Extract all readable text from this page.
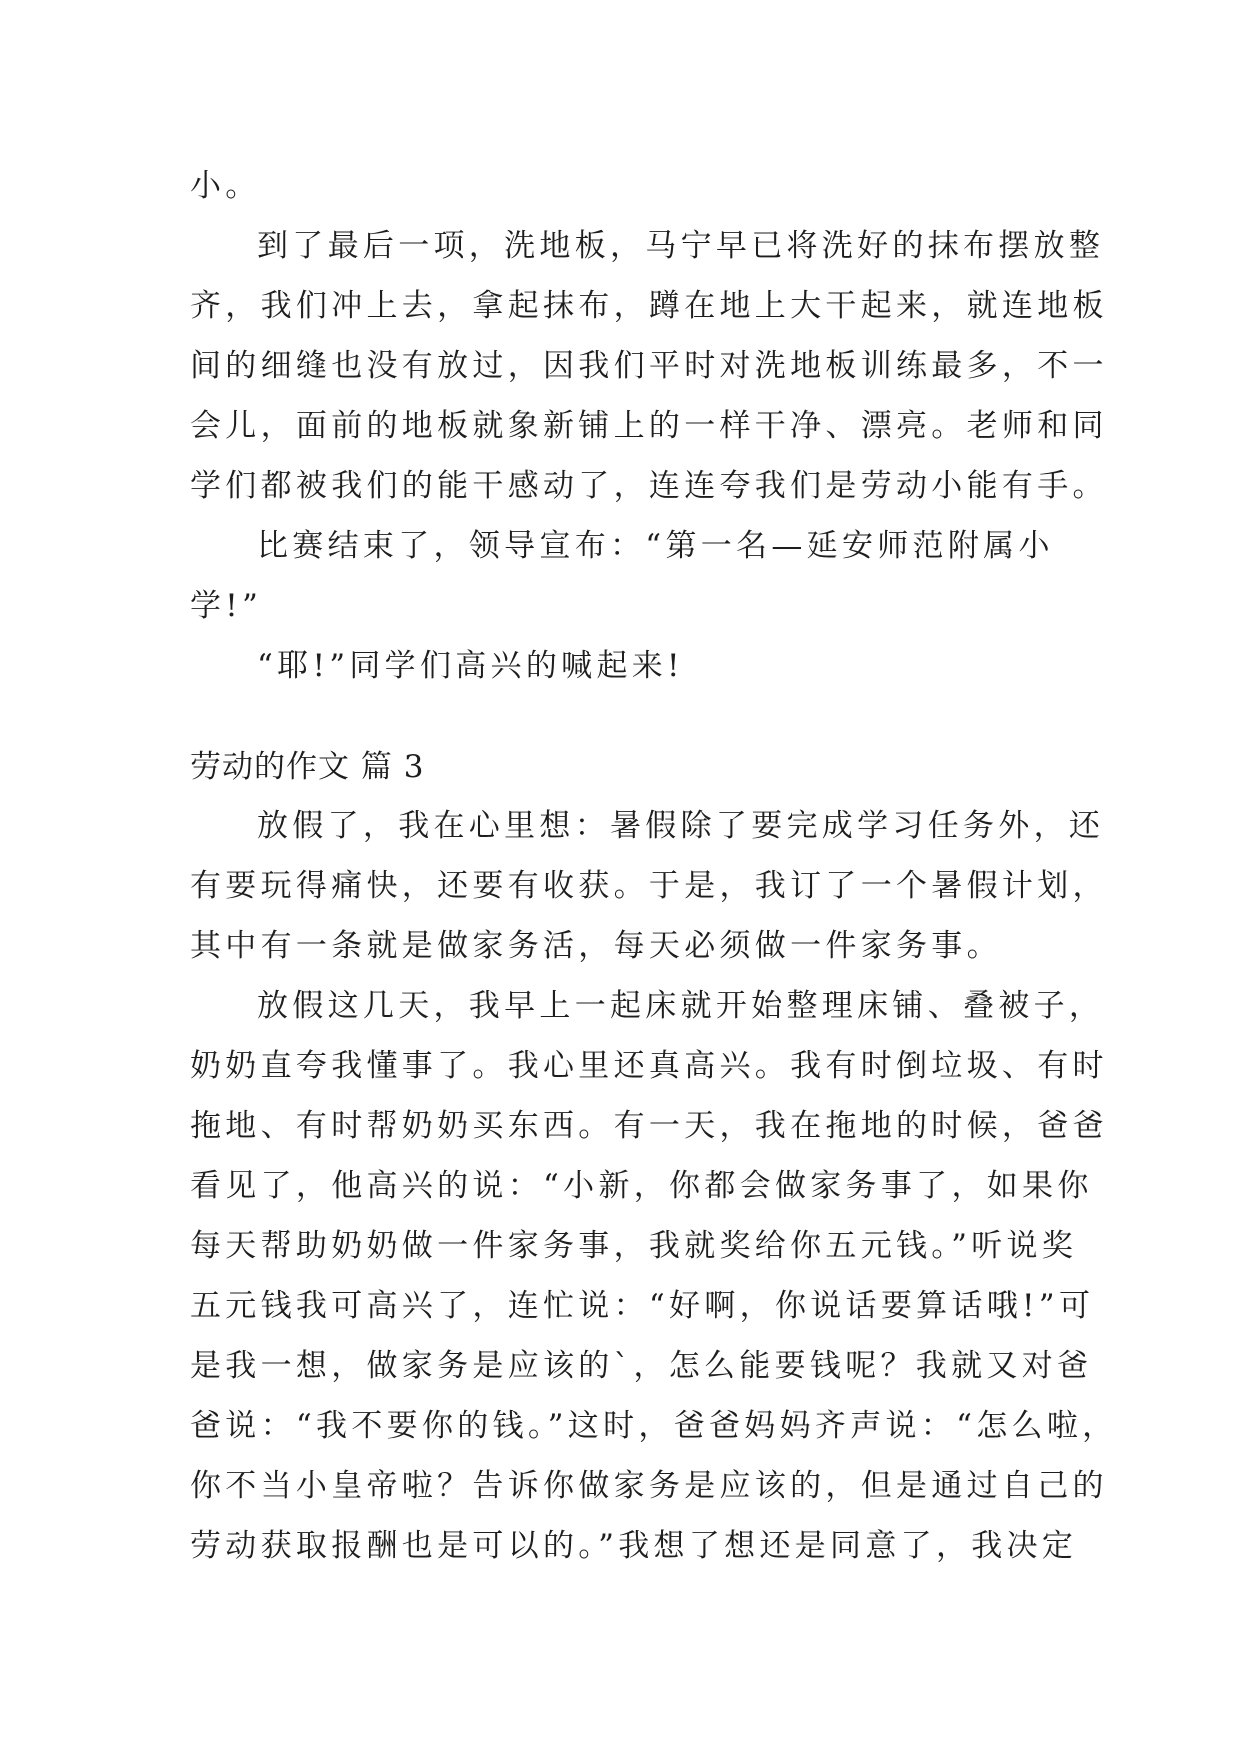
小。
到了最后一项，洗地板，马宁早已将洗好的抹布摆放整
齐，我们冲上去，拿起抹布，蹲在地上大干起来，就连地板
间的细缝也没有放过，因我们平时对洗地板训练最多，不一
会儿，面前的地板就象新铺上的一样干净、漂亮。老师和同
学们都被我们的能干感动了，连连夸我们是劳动小能有手。
比赛结束了，领导宣布：“第一名—延安师范附属小
学!”
“耶!”同学们高兴的喊起来!
劳动的作文 篇 3
放假了，我在心里想：暑假除了要完成学习任务外，还
有要玩得痛快，还要有收获。于是，我订了一个暑假计划，
其中有一条就是做家务活，每天必须做一件家务事。
放假这几天，我早上一起床就开始整理床铺、叠被子，
奶奶直夸我懂事了。我心里还真高兴。我有时倒垃圾、有时
拖地、有时帮奶奶买东西。有一天，我在拖地的时候，爸爸
看见了，他高兴的说：“小新，你都会做家务事了，如果你
每天帮助奶奶做一件家务事，我就奖给你五元钱。”听说奖
五元钱我可高兴了，连忙说：“好啊，你说话要算话哦!”可
是我一想，做家务是应该的`，怎么能要钱呢？我就又对爸
爸说：“我不要你的钱。”这时，爸爸妈妈齐声说：“怎么啦，
你不当小皇帝啦？告诉你做家务是应该的，但是通过自己的
劳动获取报酬也是可以的。”我想了想还是同意了，我决定
